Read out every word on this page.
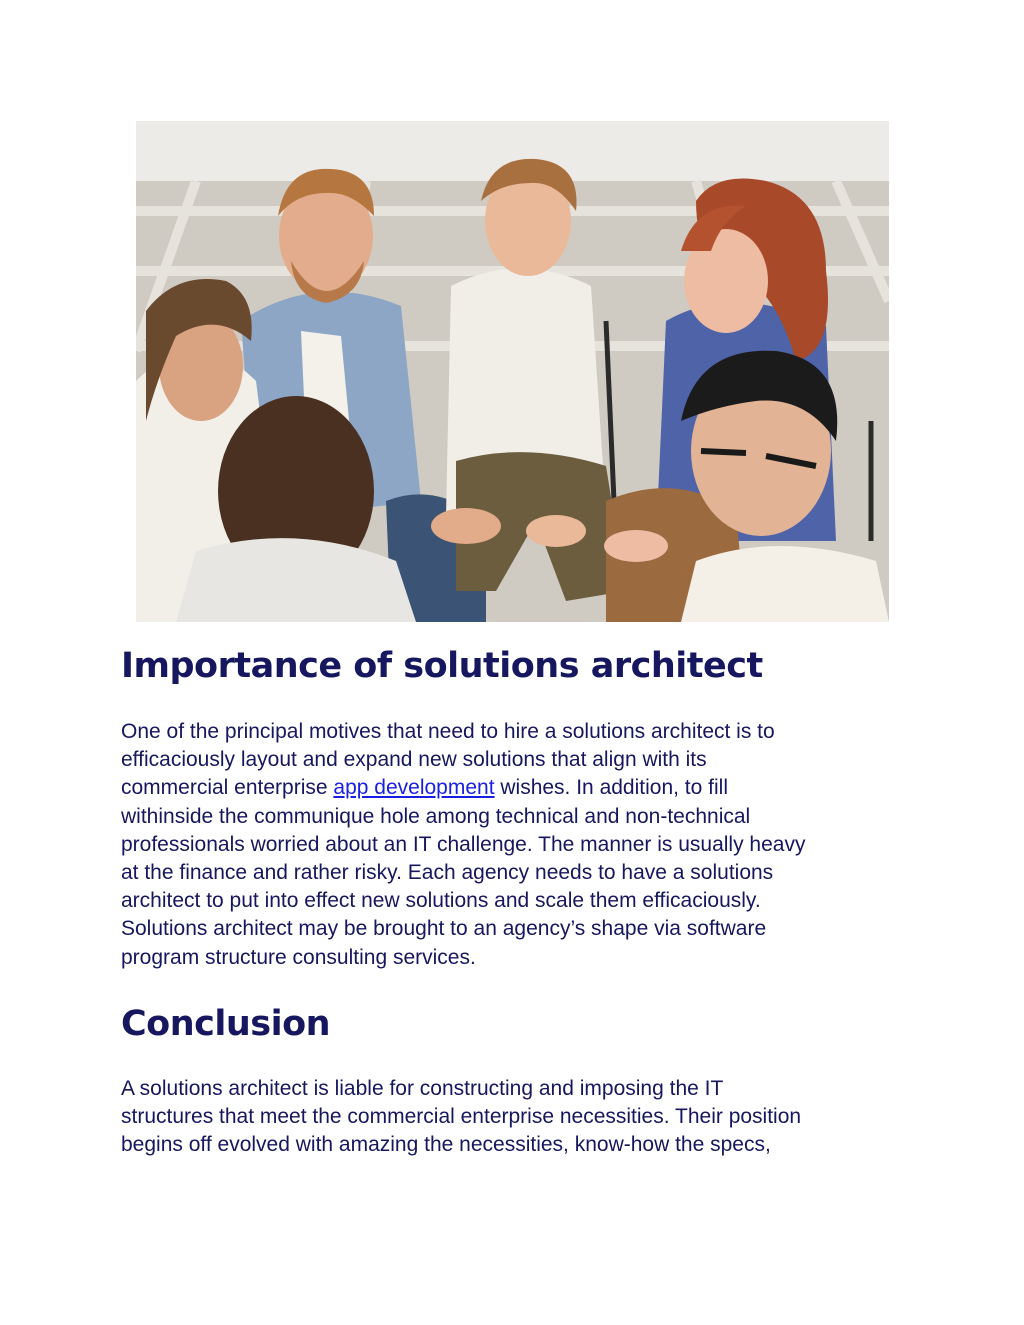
Importance of solutions architect

One of the principal motives that need to hire a solutions architect is to
efficaciously layout and expand new solutions that align with its
commercial enterprise app development wishes. In addition, to fill
withinside the communique hole among technical and non-technical
professionals worried about an IT challenge. The manner is usually heavy
at the finance and rather risky. Each agency needs to have a solutions
architect to put into effect new solutions and scale them efficaciously.
Solutions architect may be brought to an agency’s shape via software
program structure consulting services.

Conclusion

A solutions architect is liable for constructing and imposing the IT
structures that meet the commercial enterprise necessities. Their position
begins off evolved with amazing the necessities, know-how the specs,
